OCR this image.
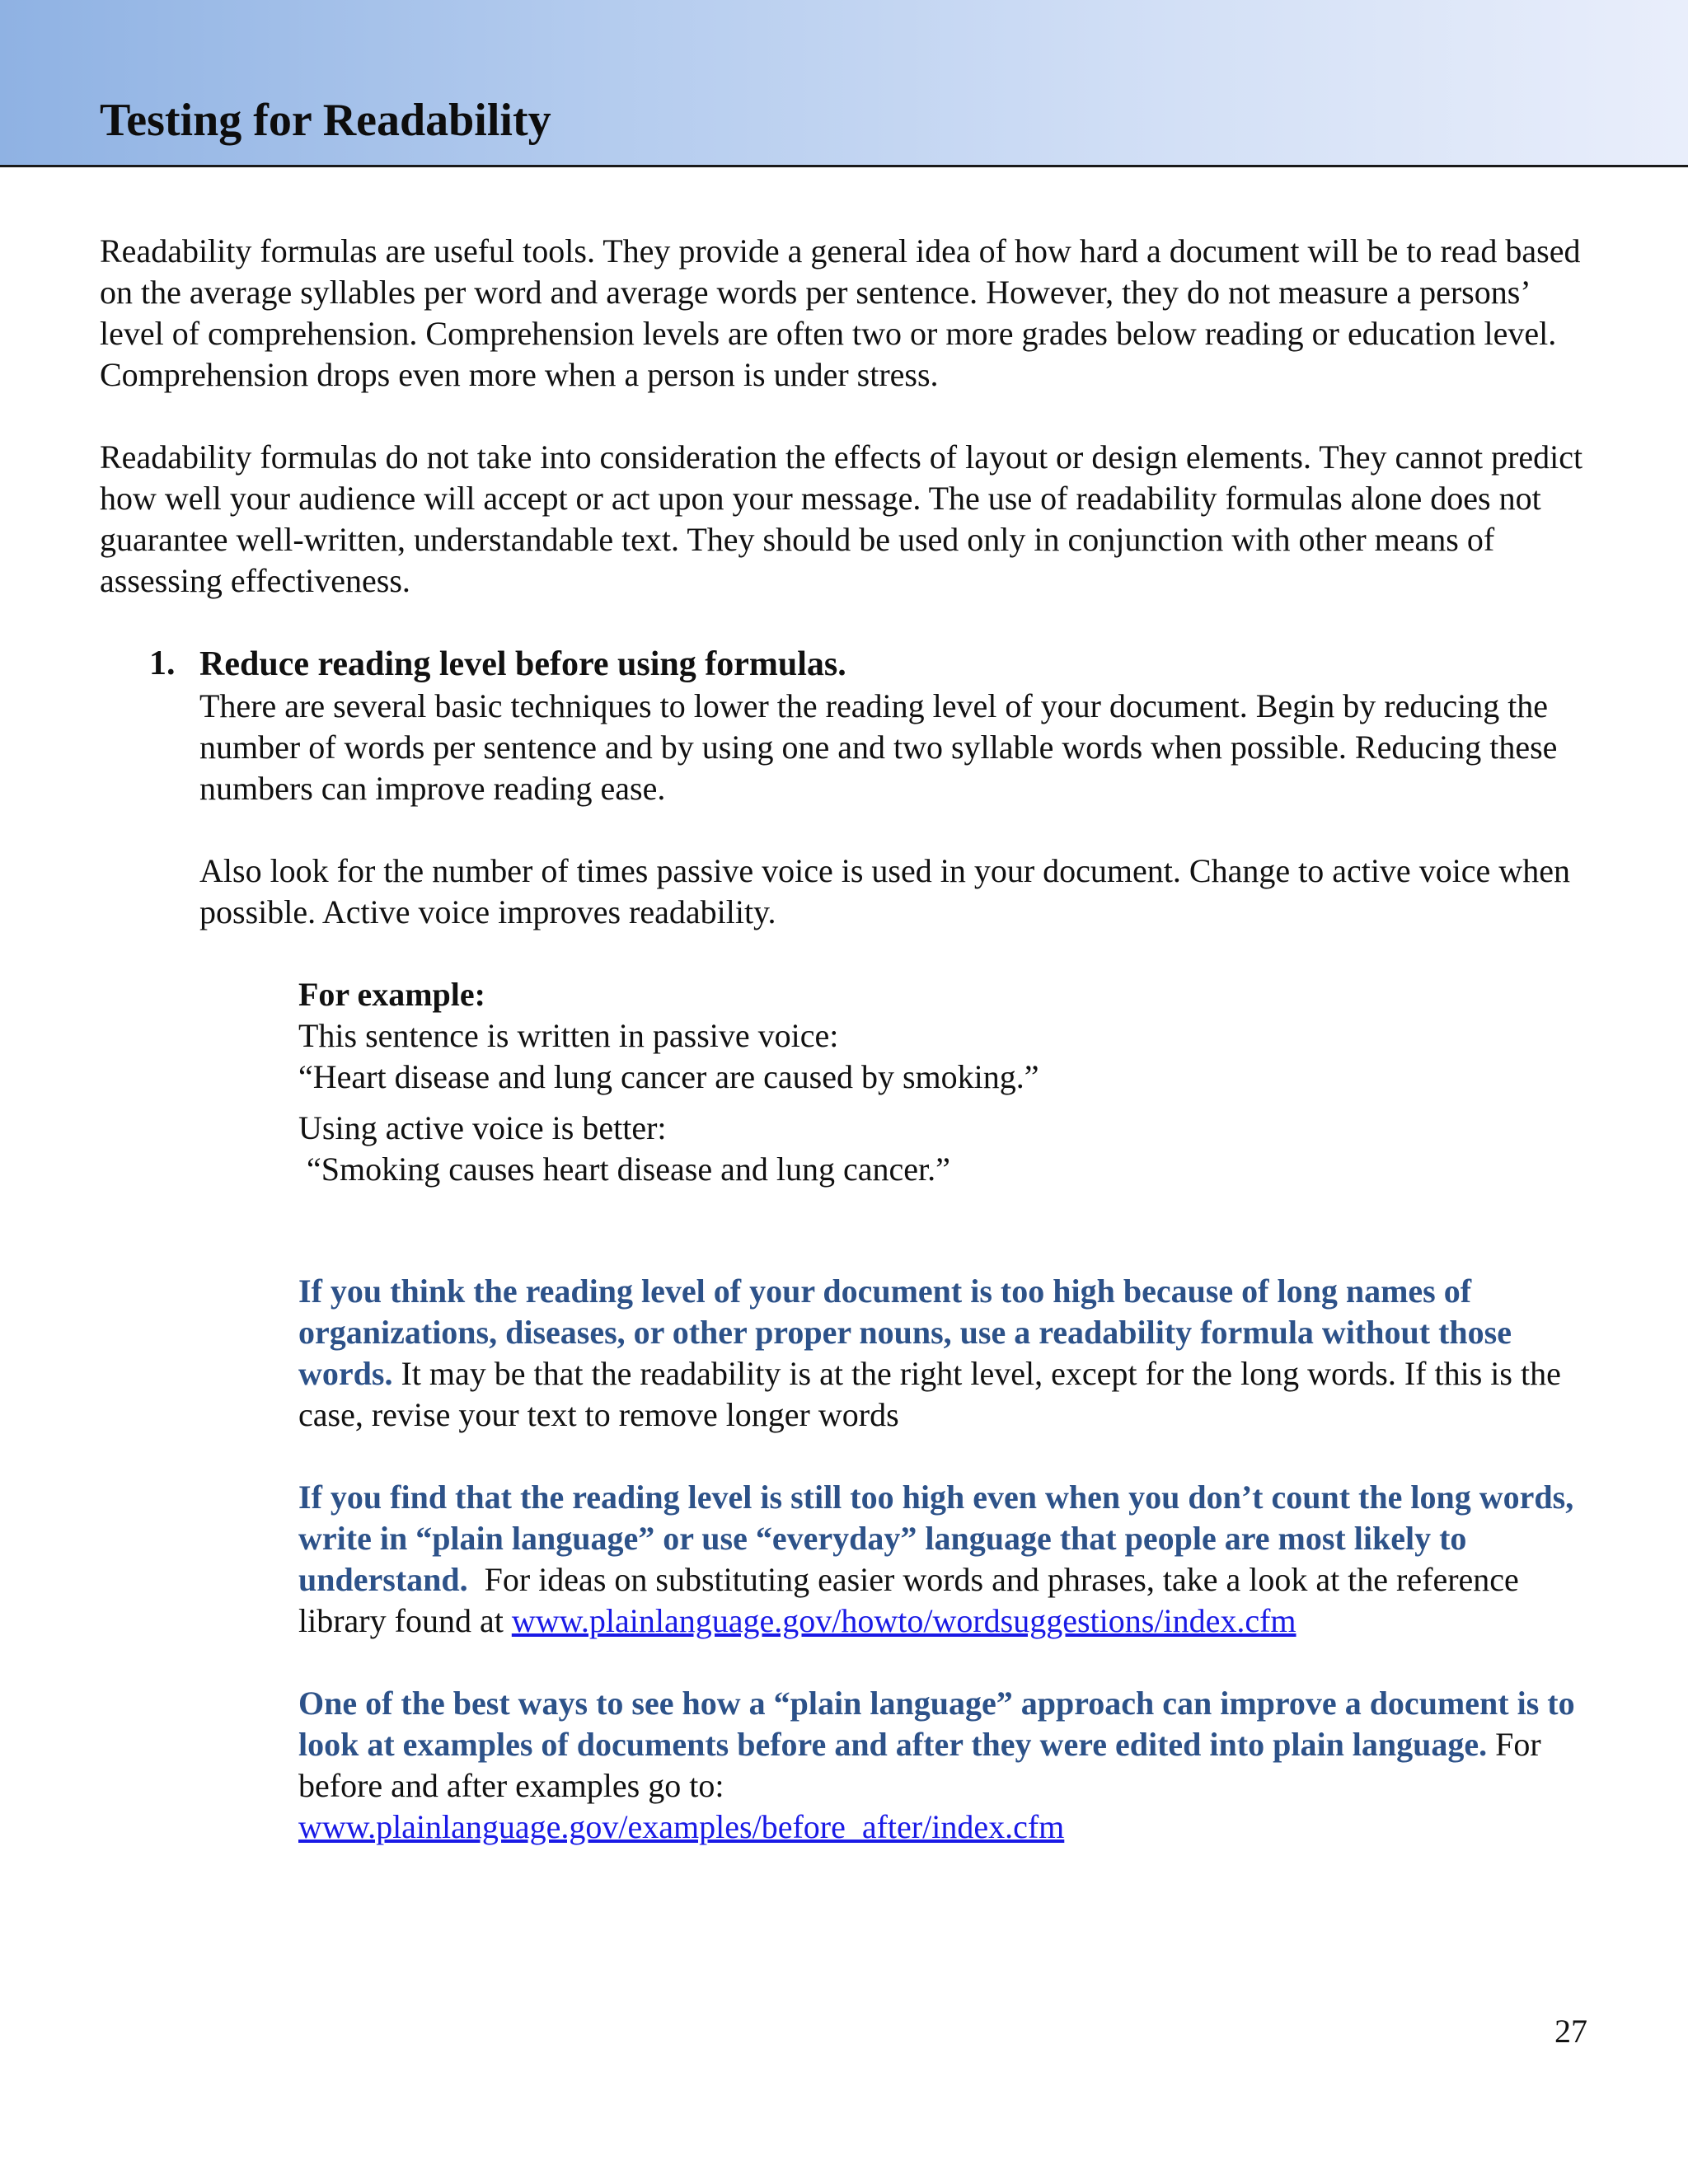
Testing for Readability

Readability formulas are useful tools. They provide a general idea of how hard a document will be to read based on the average syllables per word and average words per sentence. However, they do not measure a persons’ level of comprehension. Comprehension levels are often two or more grades below reading or education level. Comprehension drops even more when a person is under stress.

Readability formulas do not take into consideration the effects of layout or design elements. They cannot predict how well your audience will accept or act upon your message. The use of readability formulas alone does not guarantee well-written, understandable text. They should be used only in conjunction with other means of assessing effectiveness.

1. Reduce reading level before using formulas.

There are several basic techniques to lower the reading level of your document. Begin by reducing the number of words per sentence and by using one and two syllable words when possible. Reducing these numbers can improve reading ease.

Also look for the number of times passive voice is used in your document. Change to active voice when possible. Active voice improves readability.

For example:

This sentence is written in passive voice:

“Heart disease and lung cancer are caused by smoking.”

Using active voice is better:

“Smoking causes heart disease and lung cancer.”

If you think the reading level of your document is too high because of long names of organizations, diseases, or other proper nouns, use a readability formula without those words. It may be that the readability is at the right level, except for the long words. If this is the case, revise your text to remove longer words

If you find that the reading level is still too high even when you don’t count the long words, write in “plain language” or use “everyday” language that people are most likely to understand.  For ideas on substituting easier words and phrases, take a look at the reference library found at www.plainlanguage.gov/howto/wordsuggestions/index.cfm

One of the best ways to see how a “plain language” approach can improve a document is to look at examples of documents before and after they were edited into plain language. For before and after examples go to:

www.plainlanguage.gov/examples/before_after/index.cfm

27
